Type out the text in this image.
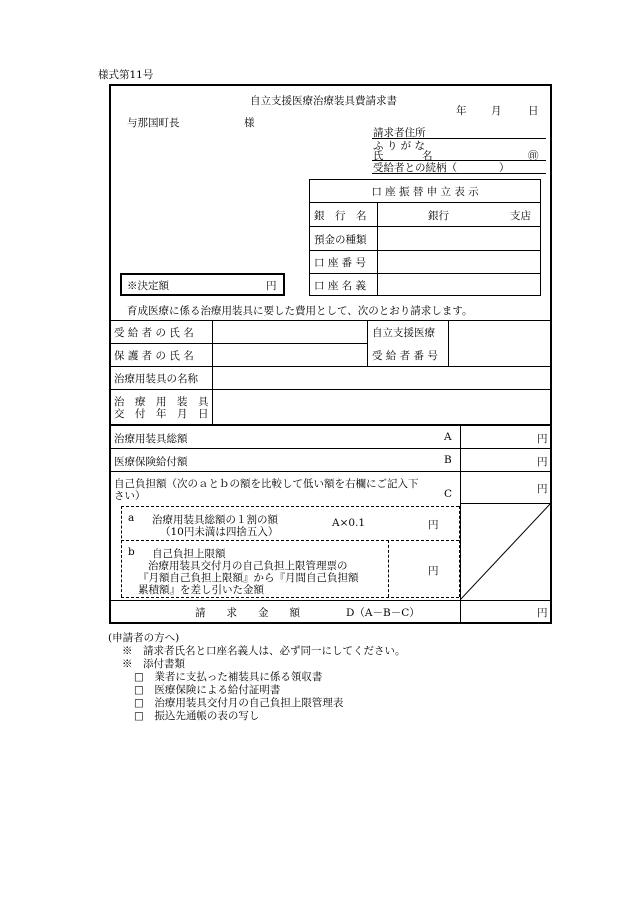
様式第11号
自立支援医療治療装具費請求書
年 月	日
与那国町長	様
請求者住所
ふ り が な
氏	名	㊞
受給者との続柄（　　　　）
口 座 振 替 申 立 表 示
銀　行　名	銀行	支店
預金の種類
口 座 番 号
口 座 名 義
※決定額	円
育成医療に係る治療用装具に要した費用として、次のとおり請求します。
受 給 者 の 氏 名
保 護 者 の 氏 名
自立支援医療
受 給 者 番 号
治療用装具の名称
治　療　用　装　具
交　付　年　月　日
治療用装具総額	A	円
医療保険給付額	B	円
自己負担額（次のａとｂの額を比較して低い額を右欄にご記入下
さい）	C	円
a 治療用装具総額の１割の額
（10円未満は四捨五入）
A×0.1	円
b 自己負担上限額
治療用装具交付月の自己負担上限管理票の
『月額自己負担上限額』から『月間自己負担額
累積額』を差し引いた金額
円
請　　求　　金　　額	D（A－B－C）	円
(申請者の方へ)
※　請求者氏名と口座名義人は、必ず同一にしてください。
※　添付書類
□　業者に支払った補装具に係る領収書
□　医療保険による給付証明書
□　治療用装具交付月の自己負担上限管理表
□　振込先通帳の表の写し
